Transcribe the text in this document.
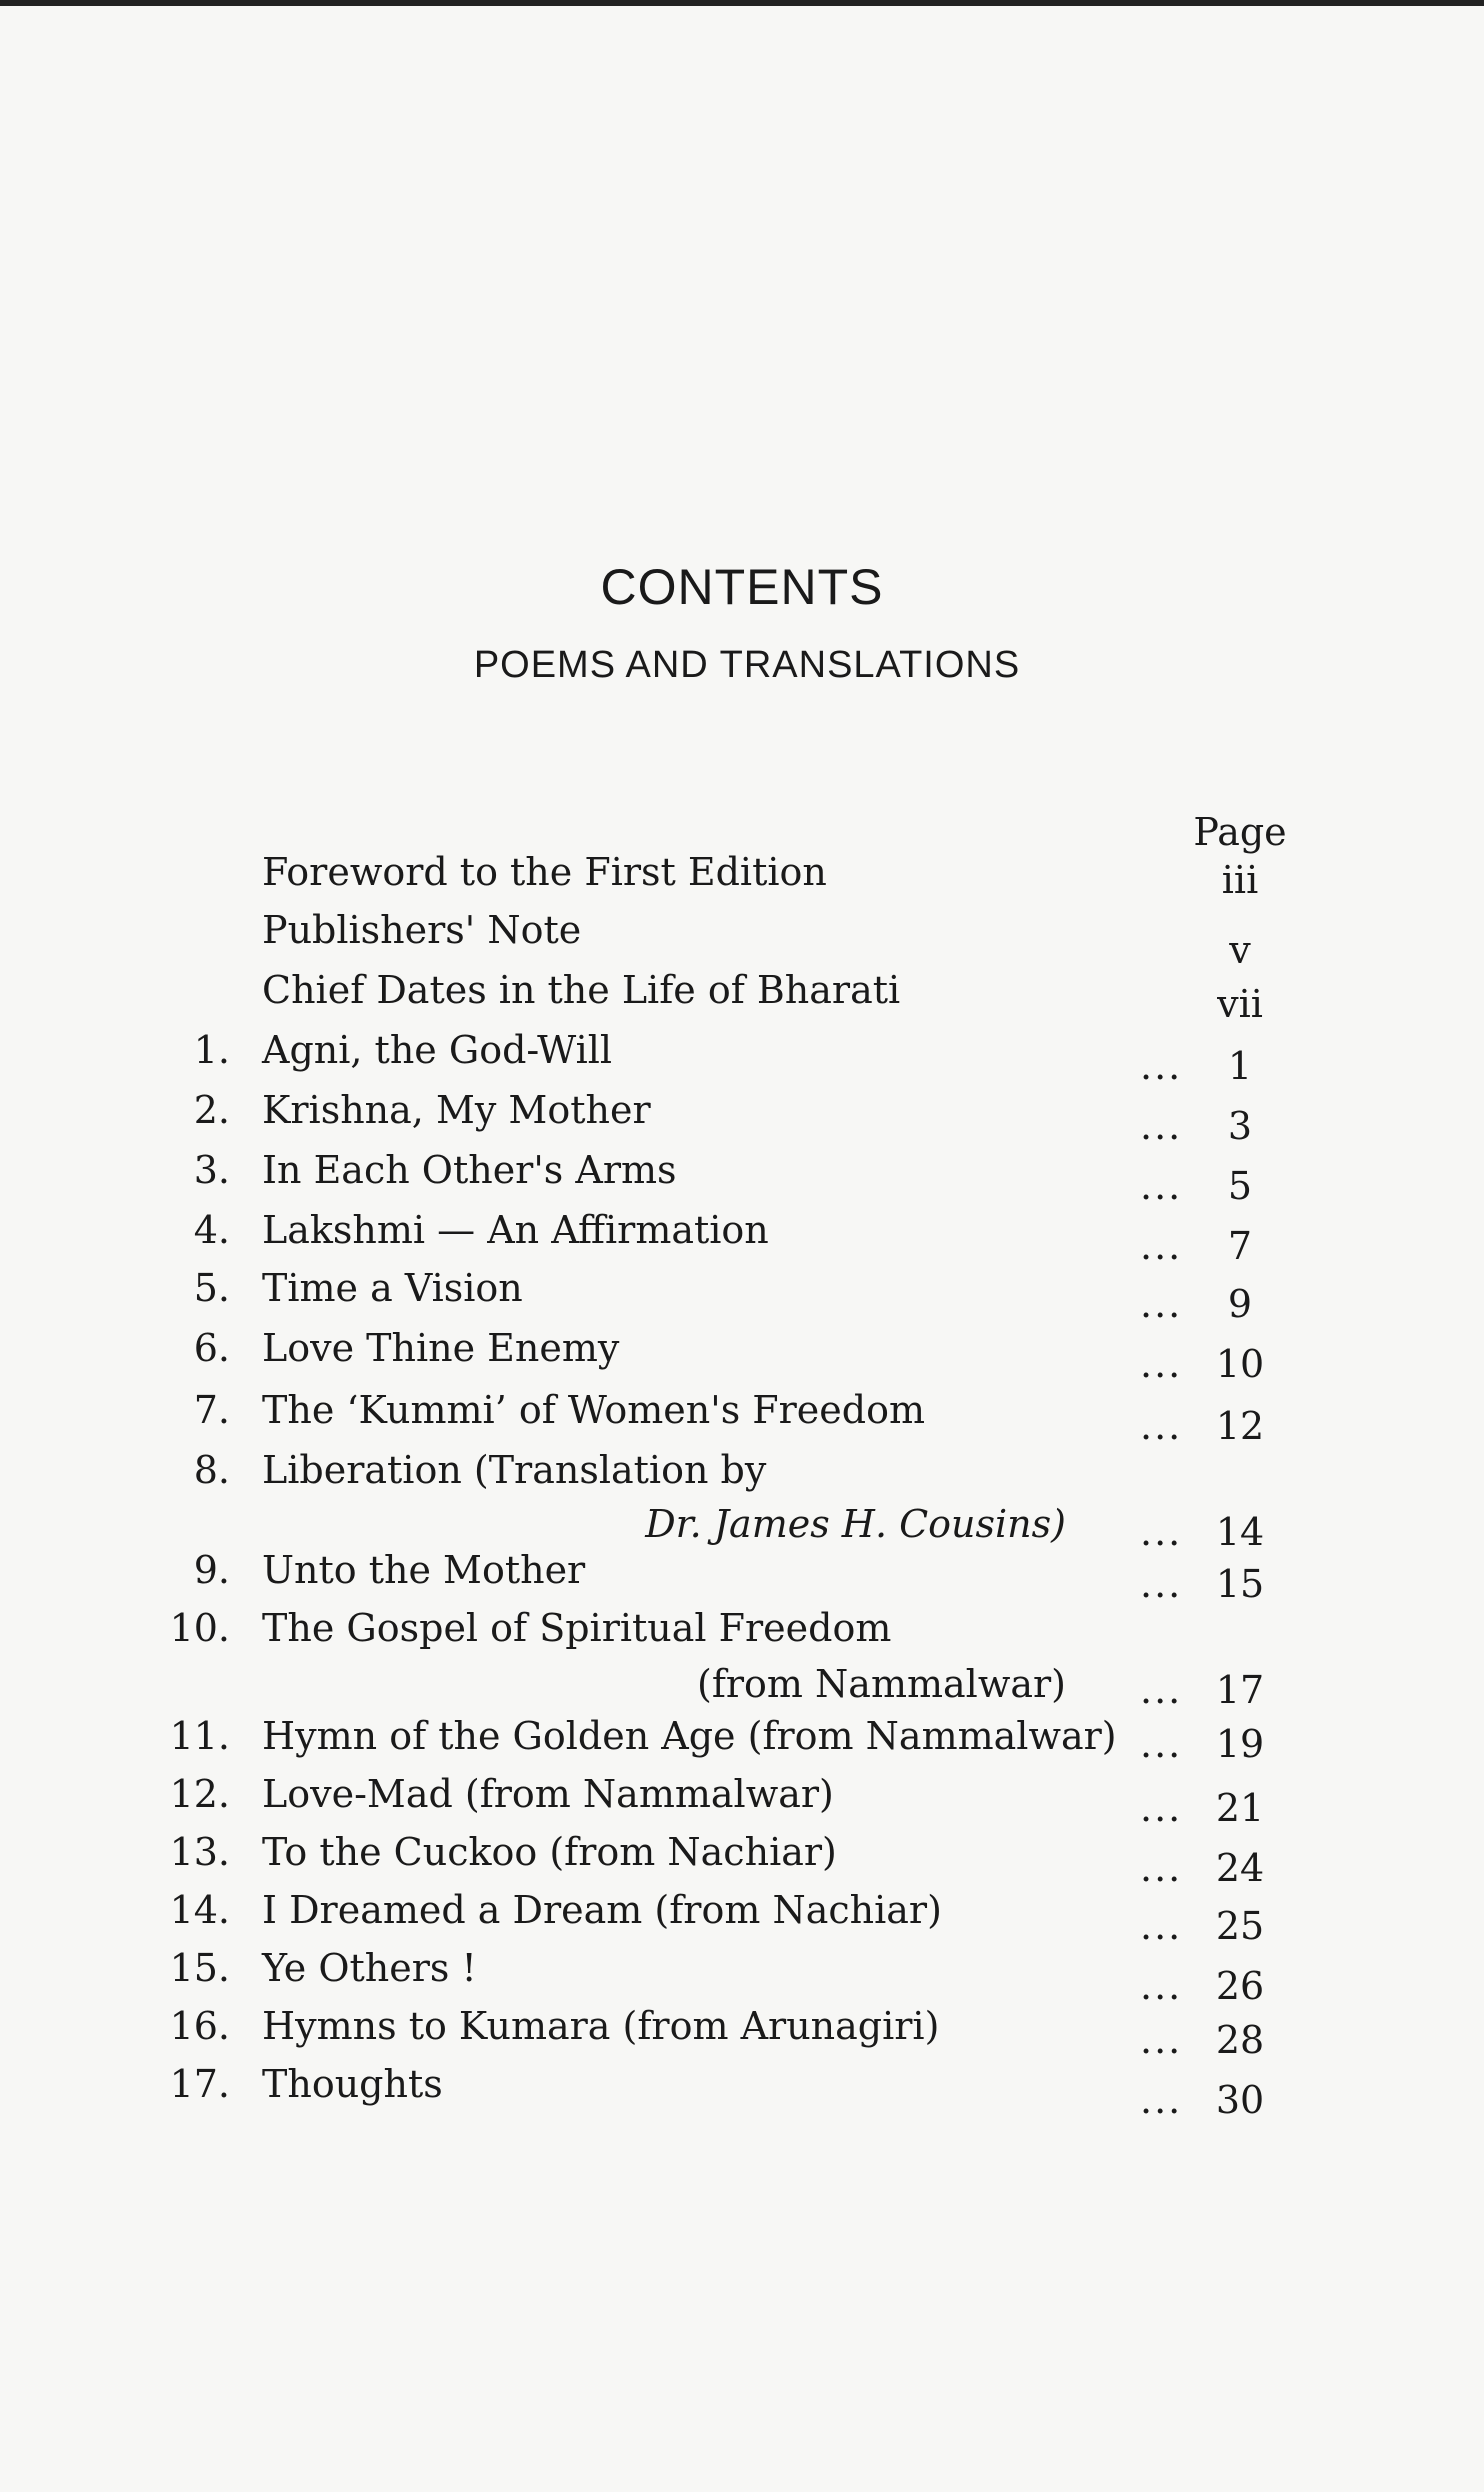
CONTENTS
POEMS AND TRANSLATIONS
Page
Foreword to the First Edition	iii
Publishers' Note	v
Chief Dates in the Life of Bharati	vii
1. Agni, the God-Will	...	1
2. Krishna, My Mother	...	3
3. In Each Other's Arms	...	5
4. Lakshmi — An Affirmation	...	7
5. Time a Vision	...	9
6. Love Thine Enemy	... 10
7. The ‘Kummi’ of Women's Freedom	... 12
8. Liberation (Translation by
Dr. James H. Cousins) ... 14
9. Unto the Mother	... 15
10. The Gospel of Spiritual Freedom
(from Nammalwar) ... 17
11. Hymn of the Golden Age (from Nammalwar) ... 19
12. Love-Mad (from Nammalwar)	... 21
13. To the Cuckoo (from Nachiar)	... 24
14. I Dreamed a Dream (from Nachiar)	... 25
15. Ye Others !	... 26
16. Hymns to Kumara (from Arunagiri)	... 28
17. Thoughts	... 30
